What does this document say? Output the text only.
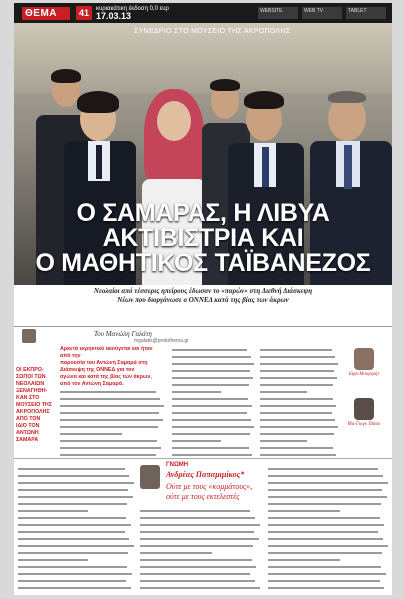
ΘΕΜΑ	41	κυριακάτικη έκδοση 0,0 ευρ
17.03.13	WEBSITE	WEB TV	TABLET
ΣΥΝΕΔΡΙΟ ΣΤΟ ΜΟΥΣΕΙΟ ΤΗΣ ΑΚΡΟΠΟΛΗΣ
Ο ΣΑΜΑΡΑΣ, Η ΛΙΒΥΑ
ΑΚΤΙΒΙΣΤΡΙΑ ΚΑΙ
Ο ΜΑΘΗΤΙΚΟΣ ΤΑΪΒΑΝΕΖΟΣ
Νεολαίοι από τέσσερις ηπείρους έδωσαν το «παρών» στη Διεθνή Διάσκεψη
Νέων που διοργάνωσε ο ΟΝΝΕΔ κατά της βίας των άκρων
Του Μανώλη Γαλάτη
mgalatis@protothema.gr
ΟΙ ΕΚΠΡΟ-
ΣΩΠΟΙ ΤΩΝ
ΝΕΟΛΑΙΩΝ
ΞΕΝΑΓΗΘΗ-
ΚΑΝ ΣΤΟ
ΜΟΥΣΕΙΟ ΤΗΣ
ΑΚΡΟΠΟΛΗΣ
ΑΠΟ ΤΟΝ
ΙΔΙΟ ΤΟΝ
ΑΝΤΩΝΗ
ΣΑΜΑΡΑ
Αρκετά εκρηκτικό ακούγεται και ήταν από την
παρουσία του Αντώνη Σαμαρά στη
Διάσκεψη της ΟΝΝΕΔ για τον
αγώνα και κατά της βίας των άκρων,
από τον Αντώνη Σαμαρά.
Ιάρα Μουγκρήτ
Μα-Γκιγκ Τσάου
ΓΝΩΜΗ
Ανδρέας Παπαμιμίκος*
Ούτε με τους «κομμάτους»,
ούτε με τους εκτελεστές
